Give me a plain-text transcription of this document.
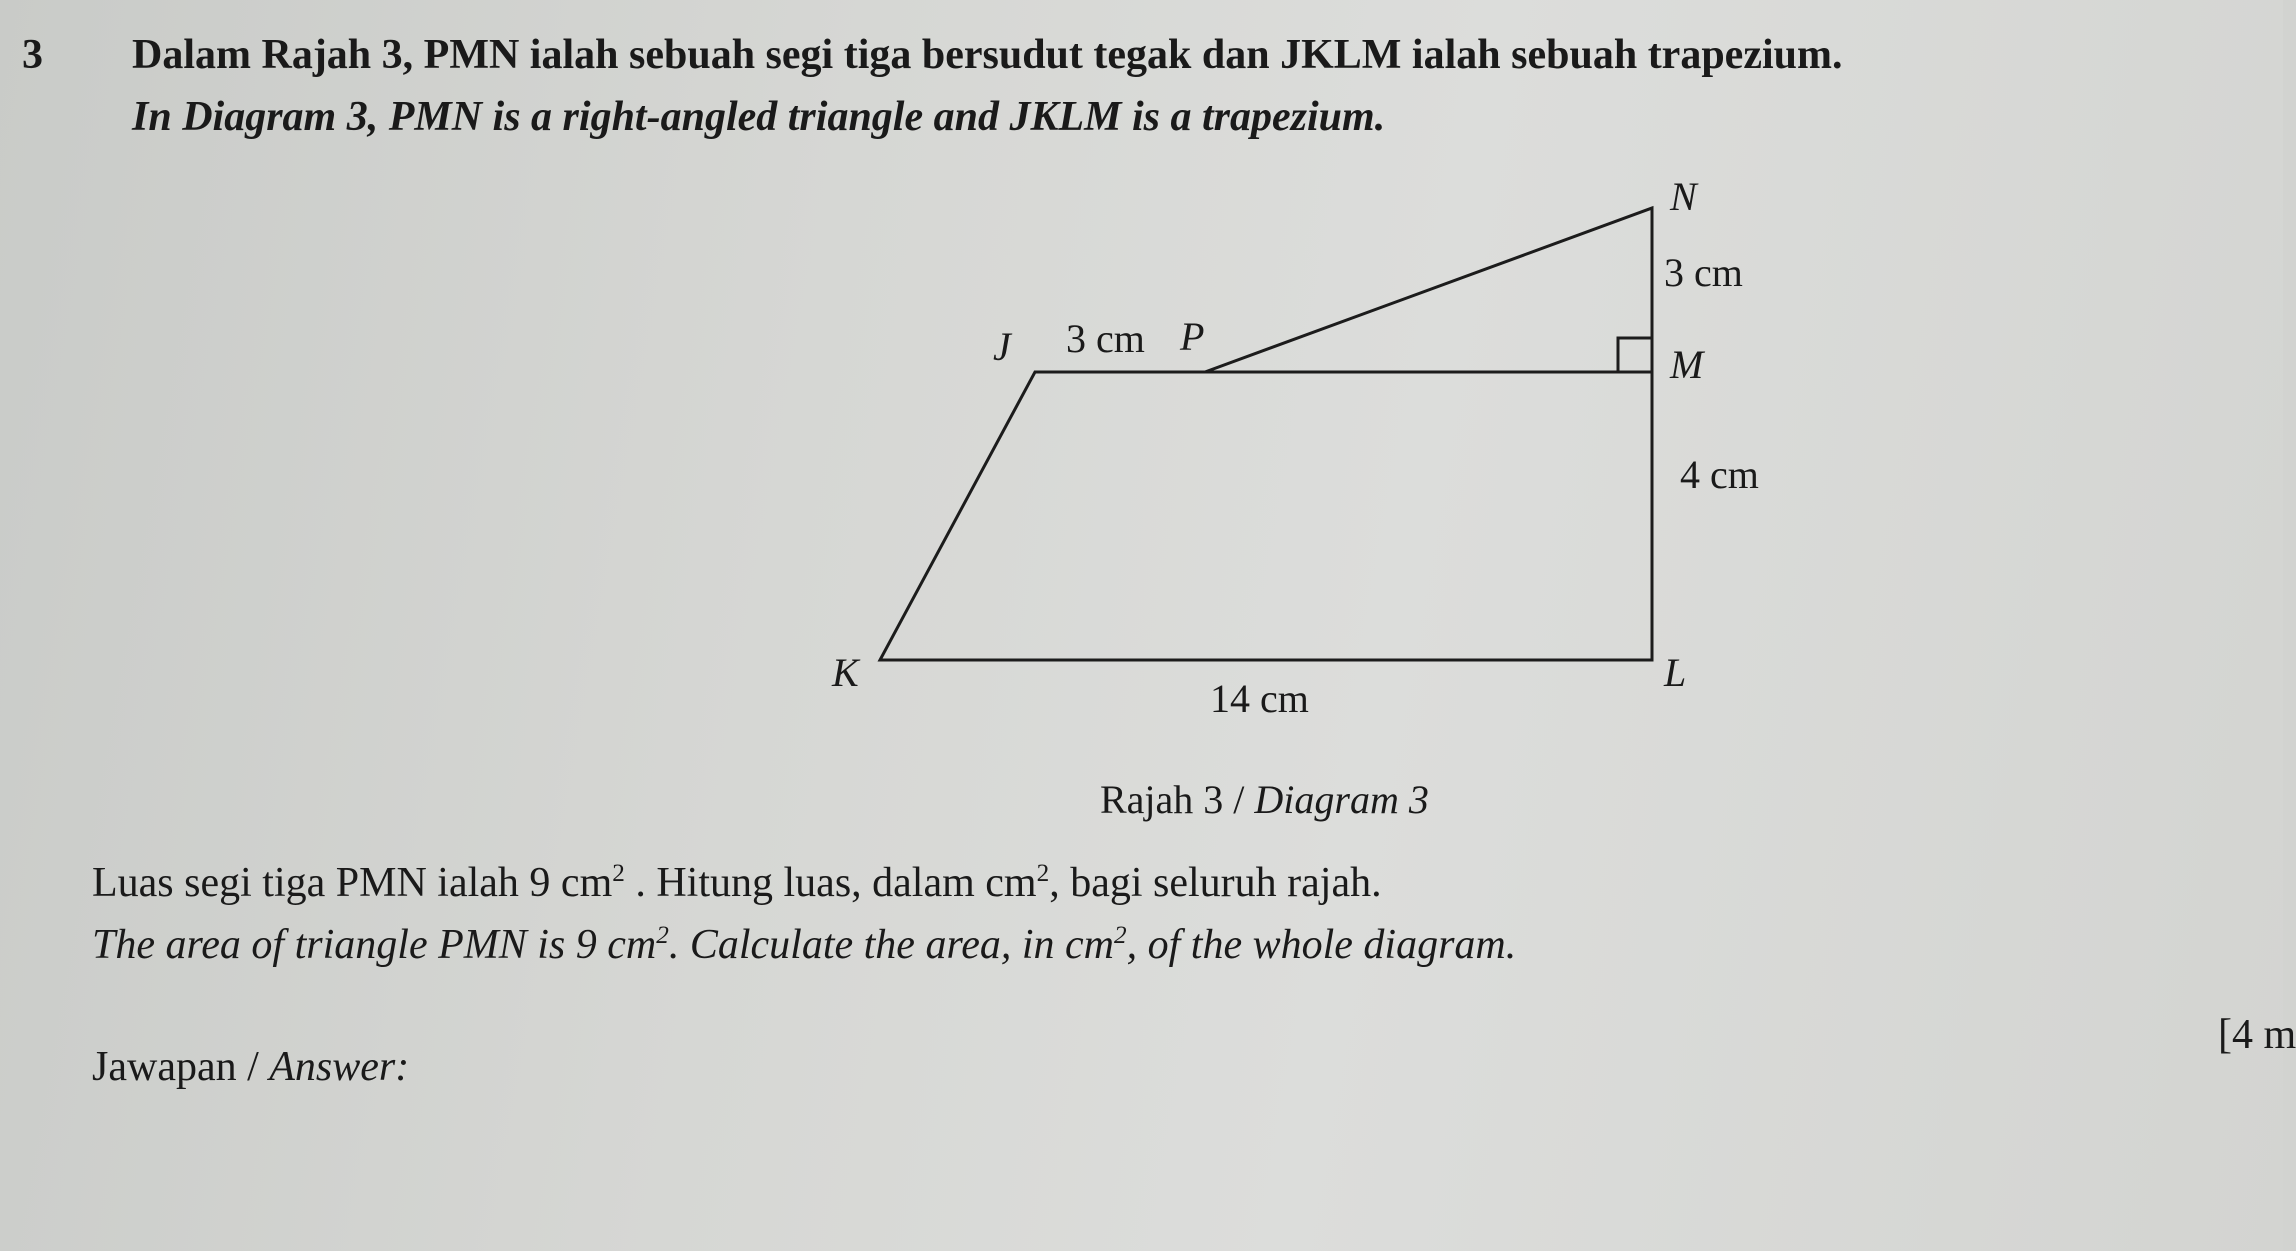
3 Dalam Rajah 3, PMN ialah sebuah segi tiga bersudut tegak dan JKLM ialah sebuah trapezium.
In Diagram 3, PMN is a right-angled triangle and JKLM is a trapezium.
N
M
J	P
K	L
3 cm
3 cm
4 cm
14 cm
Rajah 3 / Diagram 3
Luas segi tiga PMN ialah 9 $cm^2$ . Hitung luas, dalam $cm^2$, bagi seluruh rajah.
The area of triangle PMN is 9 $cm^2$. Calculate the area, in $cm^2$, of the whole diagram.
[4 m
Jawapan / Answer:
